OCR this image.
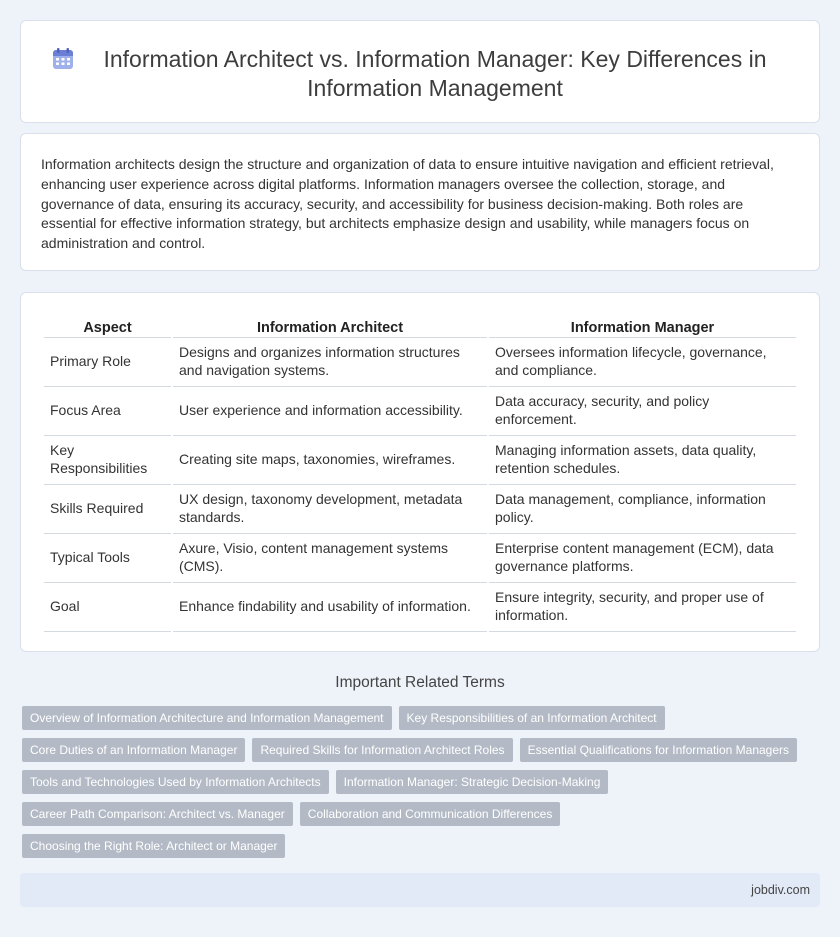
Information Architect vs. Information Manager: Key Differences in Information Management

Information architects design the structure and organization of data to ensure intuitive navigation and efficient retrieval, enhancing user experience across digital platforms. Information managers oversee the collection, storage, and governance of data, ensuring its accuracy, security, and accessibility for business decision-making. Both roles are essential for effective information strategy, but architects emphasize design and usability, while managers focus on administration and control.

Aspect	Information Architect	Information Manager
Primary Role	Designs and organizes information structures and navigation systems.	Oversees information lifecycle, governance, and compliance.
Focus Area	User experience and information accessibility.	Data accuracy, security, and policy enforcement.
Key Responsibilities	Creating site maps, taxonomies, wireframes.	Managing information assets, data quality, retention schedules.
Skills Required	UX design, taxonomy development, metadata standards.	Data management, compliance, information policy.
Typical Tools	Axure, Visio, content management systems (CMS).	Enterprise content management (ECM), data governance platforms.
Goal	Enhance findability and usability of information.	Ensure integrity, security, and proper use of information.
Important Related Terms
Overview of Information Architecture and Information Management	Key Responsibilities of an Information Architect
Core Duties of an Information Manager	Required Skills for Information Architect Roles	Essential Qualifications for Information Managers
Tools and Technologies Used by Information Architects	Information Manager: Strategic Decision-Making
Career Path Comparison: Architect vs. Manager	Collaboration and Communication Differences
Choosing the Right Role: Architect or Manager
jobdiv.com
